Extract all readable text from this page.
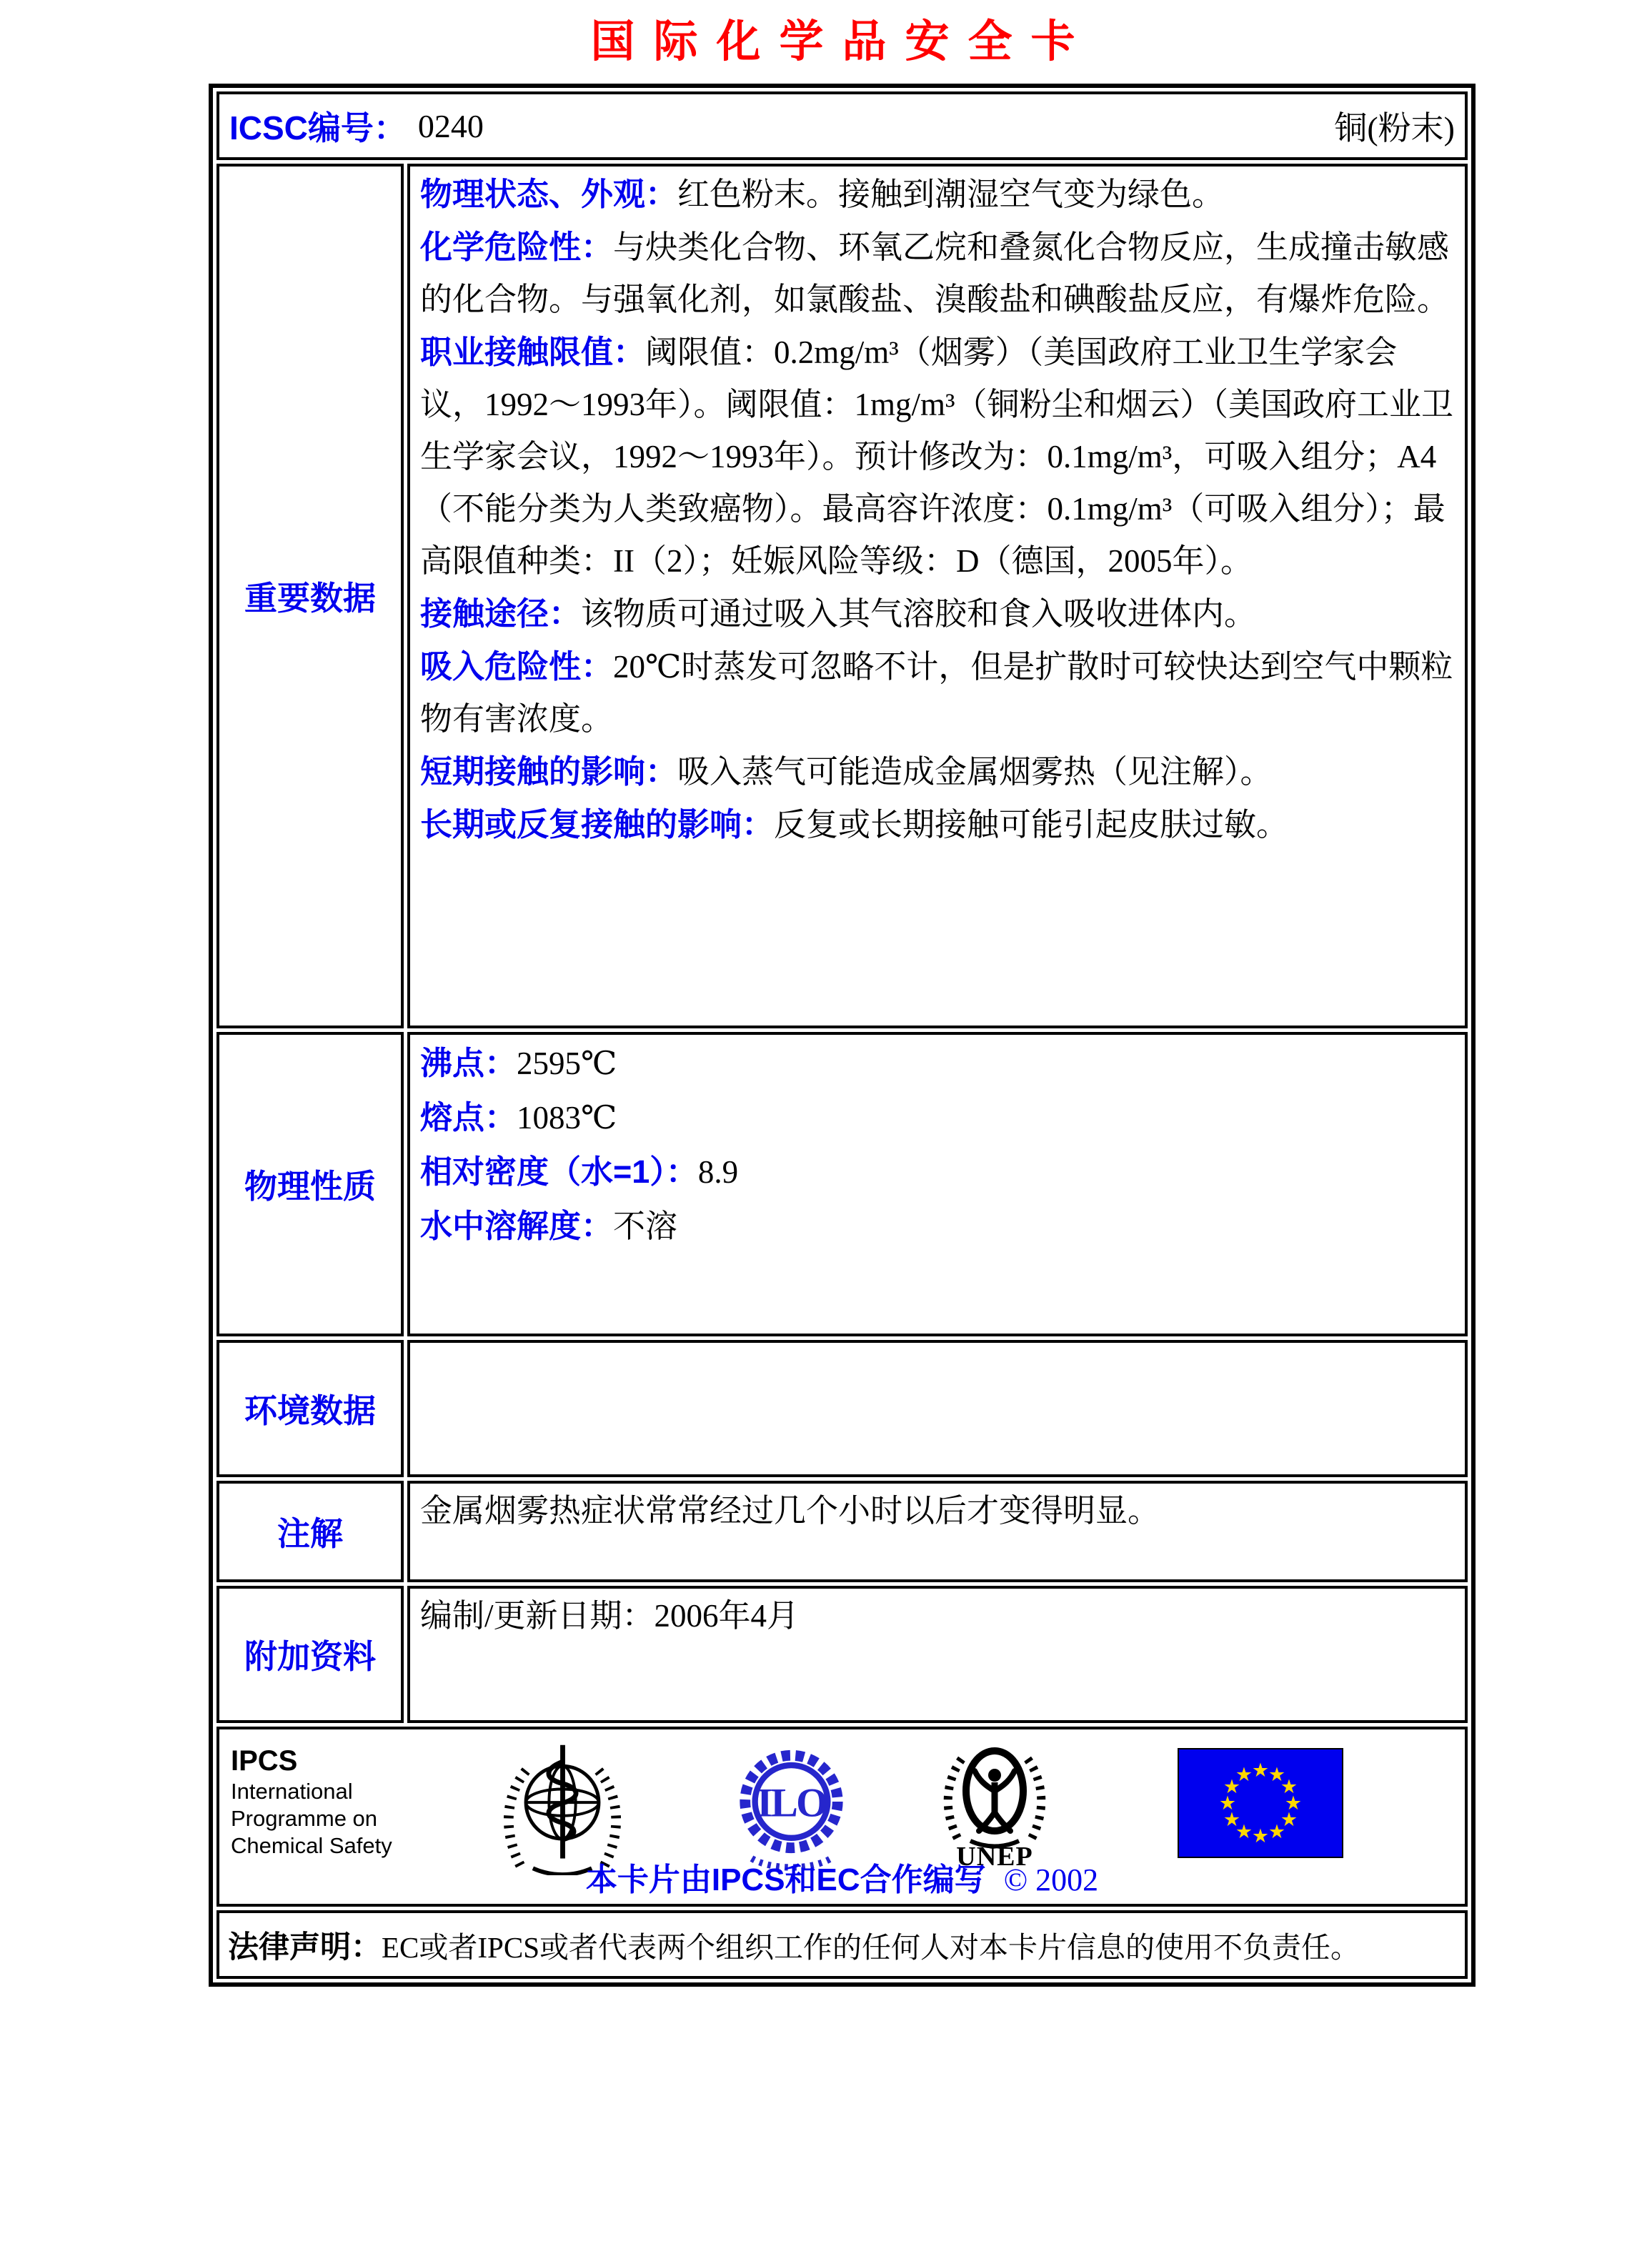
国际化学品安全卡
ICSC编号： 0240	铜(粉末)
重要数据
物理状态、外观：红色粉末。接触到潮湿空气变为绿色。
化学危险性：与炔类化合物、环氧乙烷和叠氮化合物反应，生成撞击敏感的化合物。与强氧化剂，如氯酸盐、溴酸盐和碘酸盐反应，有爆炸危险。
职业接触限值：阈限值：0.2mg/m³（烟雾）（美国政府工业卫生学家会议，1992～1993年）。阈限值：1mg/m³（铜粉尘和烟云）（美国政府工业卫生学家会议，1992～1993年）。预计修改为：0.1mg/m³，可吸入组分；A4（不能分类为人类致癌物）。最高容许浓度：0.1mg/m³（可吸入组分）；最高限值种类：II（2）；妊娠风险等级：D（德国，2005年）。
接触途径：该物质可通过吸入其气溶胶和食入吸收进体内。
吸入危险性：20℃时蒸发可忽略不计，但是扩散时可较快达到空气中颗粒物有害浓度。
短期接触的影响：吸入蒸气可能造成金属烟雾热（见注解）。
长期或反复接触的影响：反复或长期接触可能引起皮肤过敏。
物理性质
沸点：2595℃
熔点：1083℃
相对密度（水=1）：8.9
水中溶解度：不溶
环境数据
注解
金属烟雾热症状常常经过几个小时以后才变得明显。
附加资料
编制/更新日期：2006年4月
IPCS
International
Programme on
Chemical Safety
ILO
UNEP
★
★
★
★
★
★
★
★
★
★
★
★
本卡片由IPCS和EC合作编写 © 2002
法律声明： EC或者IPCS或者代表两个组织工作的任何人对本卡片信息的使用不负责任。
